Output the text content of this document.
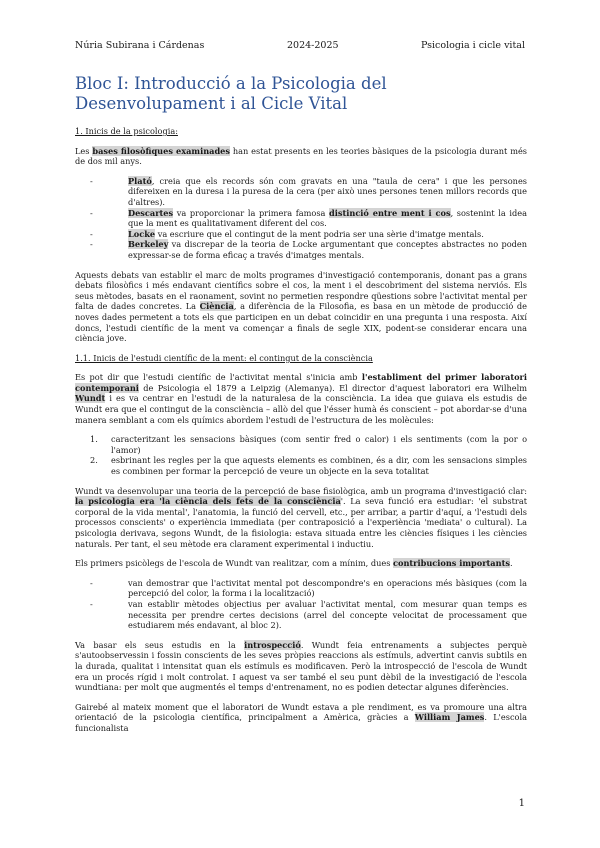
Núria Subirana i Cárdenas	2024-2025	Psicologia i cicle vital
Bloc I: Introducció a la Psicologia del Desenvolupament i al Cicle Vital
1. Inicis de la psicologia:

Les bases filosòfiques examinades han estat presents en les teories bàsiques de la psicologia durant més de dos mil anys.

- Plató, creia que els records són com gravats en una "taula de cera" i que les persones difereixen en la duresa i la puresa de la cera (per això unes persones tenen millors records que d'altres).
- Descartes va proporcionar la primera famosa distinció entre ment i cos, sostenint la idea que la ment es qualitativament diferent del cos.
- Locke va escriure que el contingut de la ment podria ser una sèrie d'imatge mentals.
- Berkeley va discrepar de la teoria de Locke argumentant que conceptes abstractes no poden expressar-se de forma eficaç a través d'imatges mentals.

Aquests debats van establir el marc de molts programes d'investigació contemporanis, donant pas a grans debats filosòfics i més endavant científics sobre el cos, la ment i el descobriment del sistema nerviós. Els seus mètodes, basats en el raonament, sovint no permetien respondre qüestions sobre l'activitat mental per falta de dades concretes. La Ciència, a diferència de la Filosofia, es basa en un mètode de producció de noves dades permetent a tots els que participen en un debat coincidir en una pregunta i una resposta. Així doncs, l'estudi científic de la ment va començar a finals de segle XIX, podent-se considerar encara una ciència jove.

1.1. Inicis de l'estudi científic de la ment: el contingut de la consciència

Es pot dir que l'estudi científic de l'activitat mental s'inicia amb l'establiment del primer laboratori contemporani de Psicologia el 1879 a Leipzig (Alemanya). El director d'aquest laboratori era Wilhelm Wundt i es va centrar en l'estudi de la naturalesa de la consciència. La idea que guiava els estudis de Wundt era que el contingut de la consciència – allò del que l'ésser humà és conscient – pot abordar-se d'una manera semblant a com els químics abordem l'estudi de l'estructura de les molècules:

1. caracteritzant les sensacions bàsiques (com sentir fred o calor) i els sentiments (com la por o l'amor)
2. esbrinant les regles per la que aquests elements es combinen, és a dir, com les sensacions simples es combinen per formar la percepció de veure un objecte en la seva totalitat

Wundt va desenvolupar una teoria de la percepció de base fisiològica, amb un programa d'investigació clar: la psicologia era 'la ciència dels fets de la consciència'. La seva funció era estudiar: 'el substrat corporal de la vida mental', l'anatomia, la funció del cervell, etc., per arribar, a partir d'aquí, a 'l'estudi dels processos conscients' o experiència immediata (per contraposició a l'experiència 'mediata' o cultural). La psicologia derivava, segons Wundt, de la fisiologia: estava situada entre les ciències físiques i les ciències naturals. Per tant, el seu mètode era clarament experimental i inductiu.

Els primers psicòlegs de l'escola de Wundt van realitzar, com a mínim, dues contribucions importants.

- van demostrar que l'activitat mental pot descompondre's en operacions més bàsiques (com la percepció del color, la forma i la localització)
- van establir mètodes objectius per avaluar l'activitat mental, com mesurar quan temps es necessita per prendre certes decisions (arrel del concepte velocitat de processament que estudiarem més endavant, al bloc 2).

Va basar els seus estudis en la introspecció. Wundt feia entrenaments a subjectes perquè s'autoobservessin i fossin conscients de les seves pròpies reaccions als estímuls, advertint canvis subtils en la durada, qualitat i intensitat quan els estímuls es modificaven. Però la introspecció de l'escola de Wundt era un procés rígid i molt controlat. I aquest va ser també el seu punt dèbil de la investigació de l'escola wundtiana: per molt que augmentés el temps d'entrenament, no es podien detectar algunes diferències.

Gairebé al mateix moment que el laboratori de Wundt estava a ple rendiment, es va promoure una altra orientació de la psicologia científica, principalment a Amèrica, gràcies a William James. L'escola funcionalista

1
